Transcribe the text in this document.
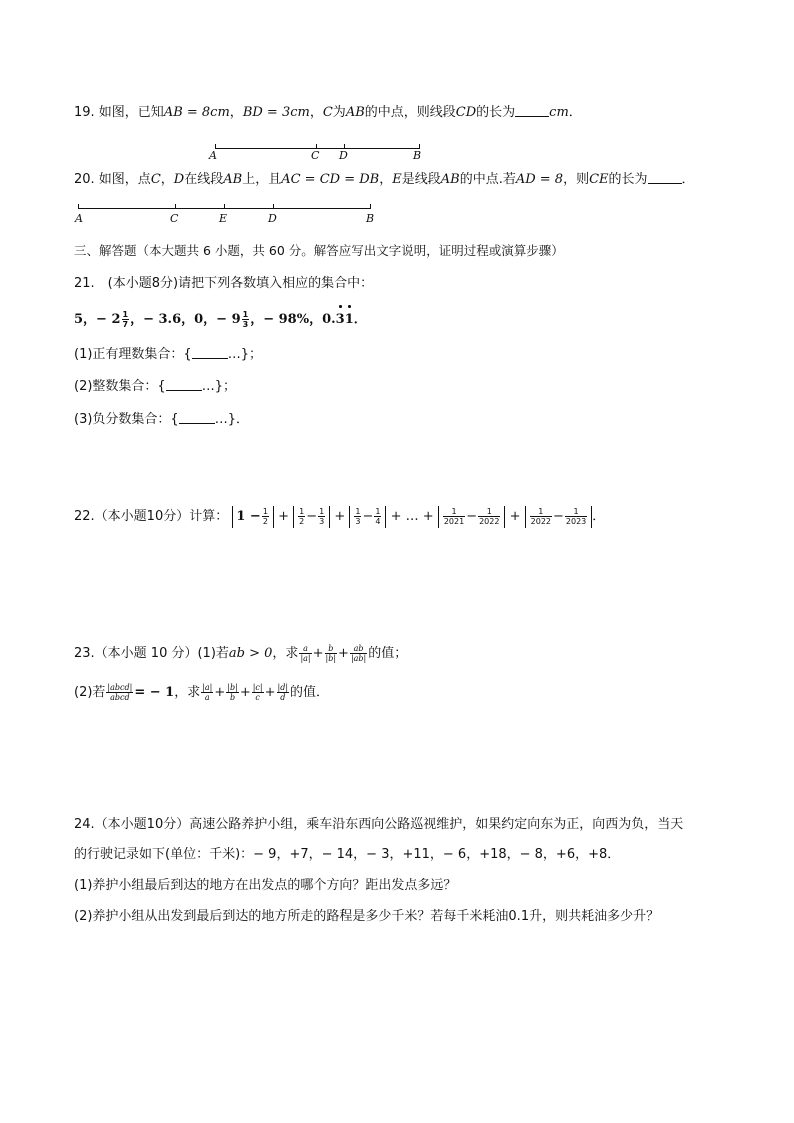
19. 如图，已知AB = 8cm，BD = 3cm，C为AB的中点，则线段CD的长为	cm．
A	C D	B
20. 如图，点C，D在线段AB上，且AC = CD = DB，E是线段AB的中点.若AD = 8，则CE的长为	．
A	C	E	D	B
三、解答题（本大题共 6 小题，共 60 分。解答应写出文字说明，证明过程或演算步骤）
21.　(本小题8分)请把下列各数填入相应的集合中：
5，− $2 \frac{1}{7}$ ，− 3.6，0，− $9 \frac{1}{3}$ ，− 98%，0.31．
(1)正有理数集合：{	…}；
(2)整数集合：{	…}；
(3)负分数集合：{	…}．
22.（本小题10分）计算： $1 - \frac{1}{2} + \frac{1}{2} - \frac{1}{3} + \frac{1}{3} - \frac{1}{4}$ + … + $\frac{1}{2021} - \frac{1}{2022} + \frac{1}{2022} - \frac{1}{2023}$ ．
23.（本小题 10 分）(1)若ab > 0，求 $\frac{a}{|a|} + \frac{b}{|b|} + \frac{ab}{|ab|}$ 的值；
(2)若 $\frac{\text{|abcd|}}{\text{abcd}}$ = − 1，求 $\frac{|a|}{a} + \frac{|b|}{b} + \frac{|c|}{c} + \frac{|d|}{d}$ 的值．
24.（本小题10分）高速公路养护小组，乘车沿东西向公路巡视维护，如果约定向东为正，向西为负，当天
的行驶记录如下(单位：千米)：− 9，+7，− 14，− 3，+11，− 6，+18，− 8，+6，+8．
(1)养护小组最后到达的地方在出发点的哪个方向？距出发点多远？
(2)养护小组从出发到最后到达的地方所走的路程是多少千米？若每千米耗油0.1升，则共耗油多少升？
